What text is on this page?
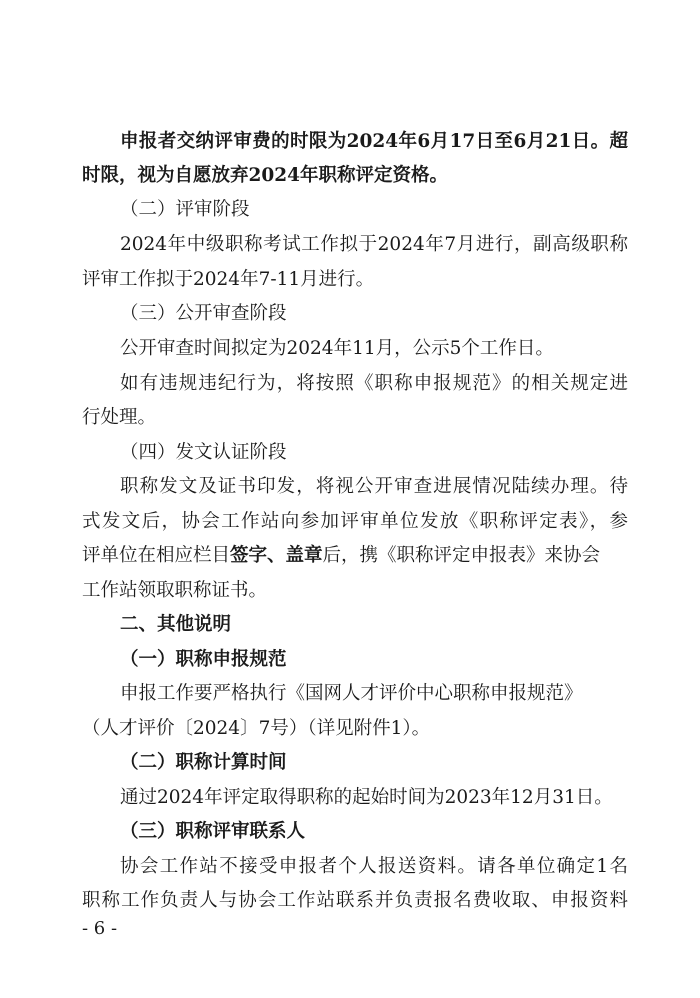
申报者交纳评审费的时限为2024年6月17日至6月21日。超
时限，视为自愿放弃2024年职称评定资格。
（二）评审阶段
2024年中级职称考试工作拟于2024年7月进行，副高级职称
评审工作拟于2024年7-11月进行。
（三）公开审查阶段
公开审查时间拟定为2024年11月，公示5个工作日。
如有违规违纪行为，将按照《职称申报规范》的相关规定进
行处理。
（四）发文认证阶段
职称发文及证书印发，将视公开审查进展情况陆续办理。待
式发文后，协会工作站向参加评审单位发放《职称评定表》，参
评单位在相应栏目签字、盖章后，携《职称评定申报表》来协会
工作站领取职称证书。
二、其他说明
（一）职称申报规范
申报工作要严格执行《国网人才评价中心职称申报规范》
（人才评价〔2024〕7号）（详见附件1）。
（二）职称计算时间
通过2024年评定取得职称的起始时间为2023年12月31日。
（三）职称评审联系人
协会工作站不接受申报者个人报送资料。请各单位确定1名
职称工作负责人与协会工作站联系并负责报名费收取、申报资料
- 6 -
